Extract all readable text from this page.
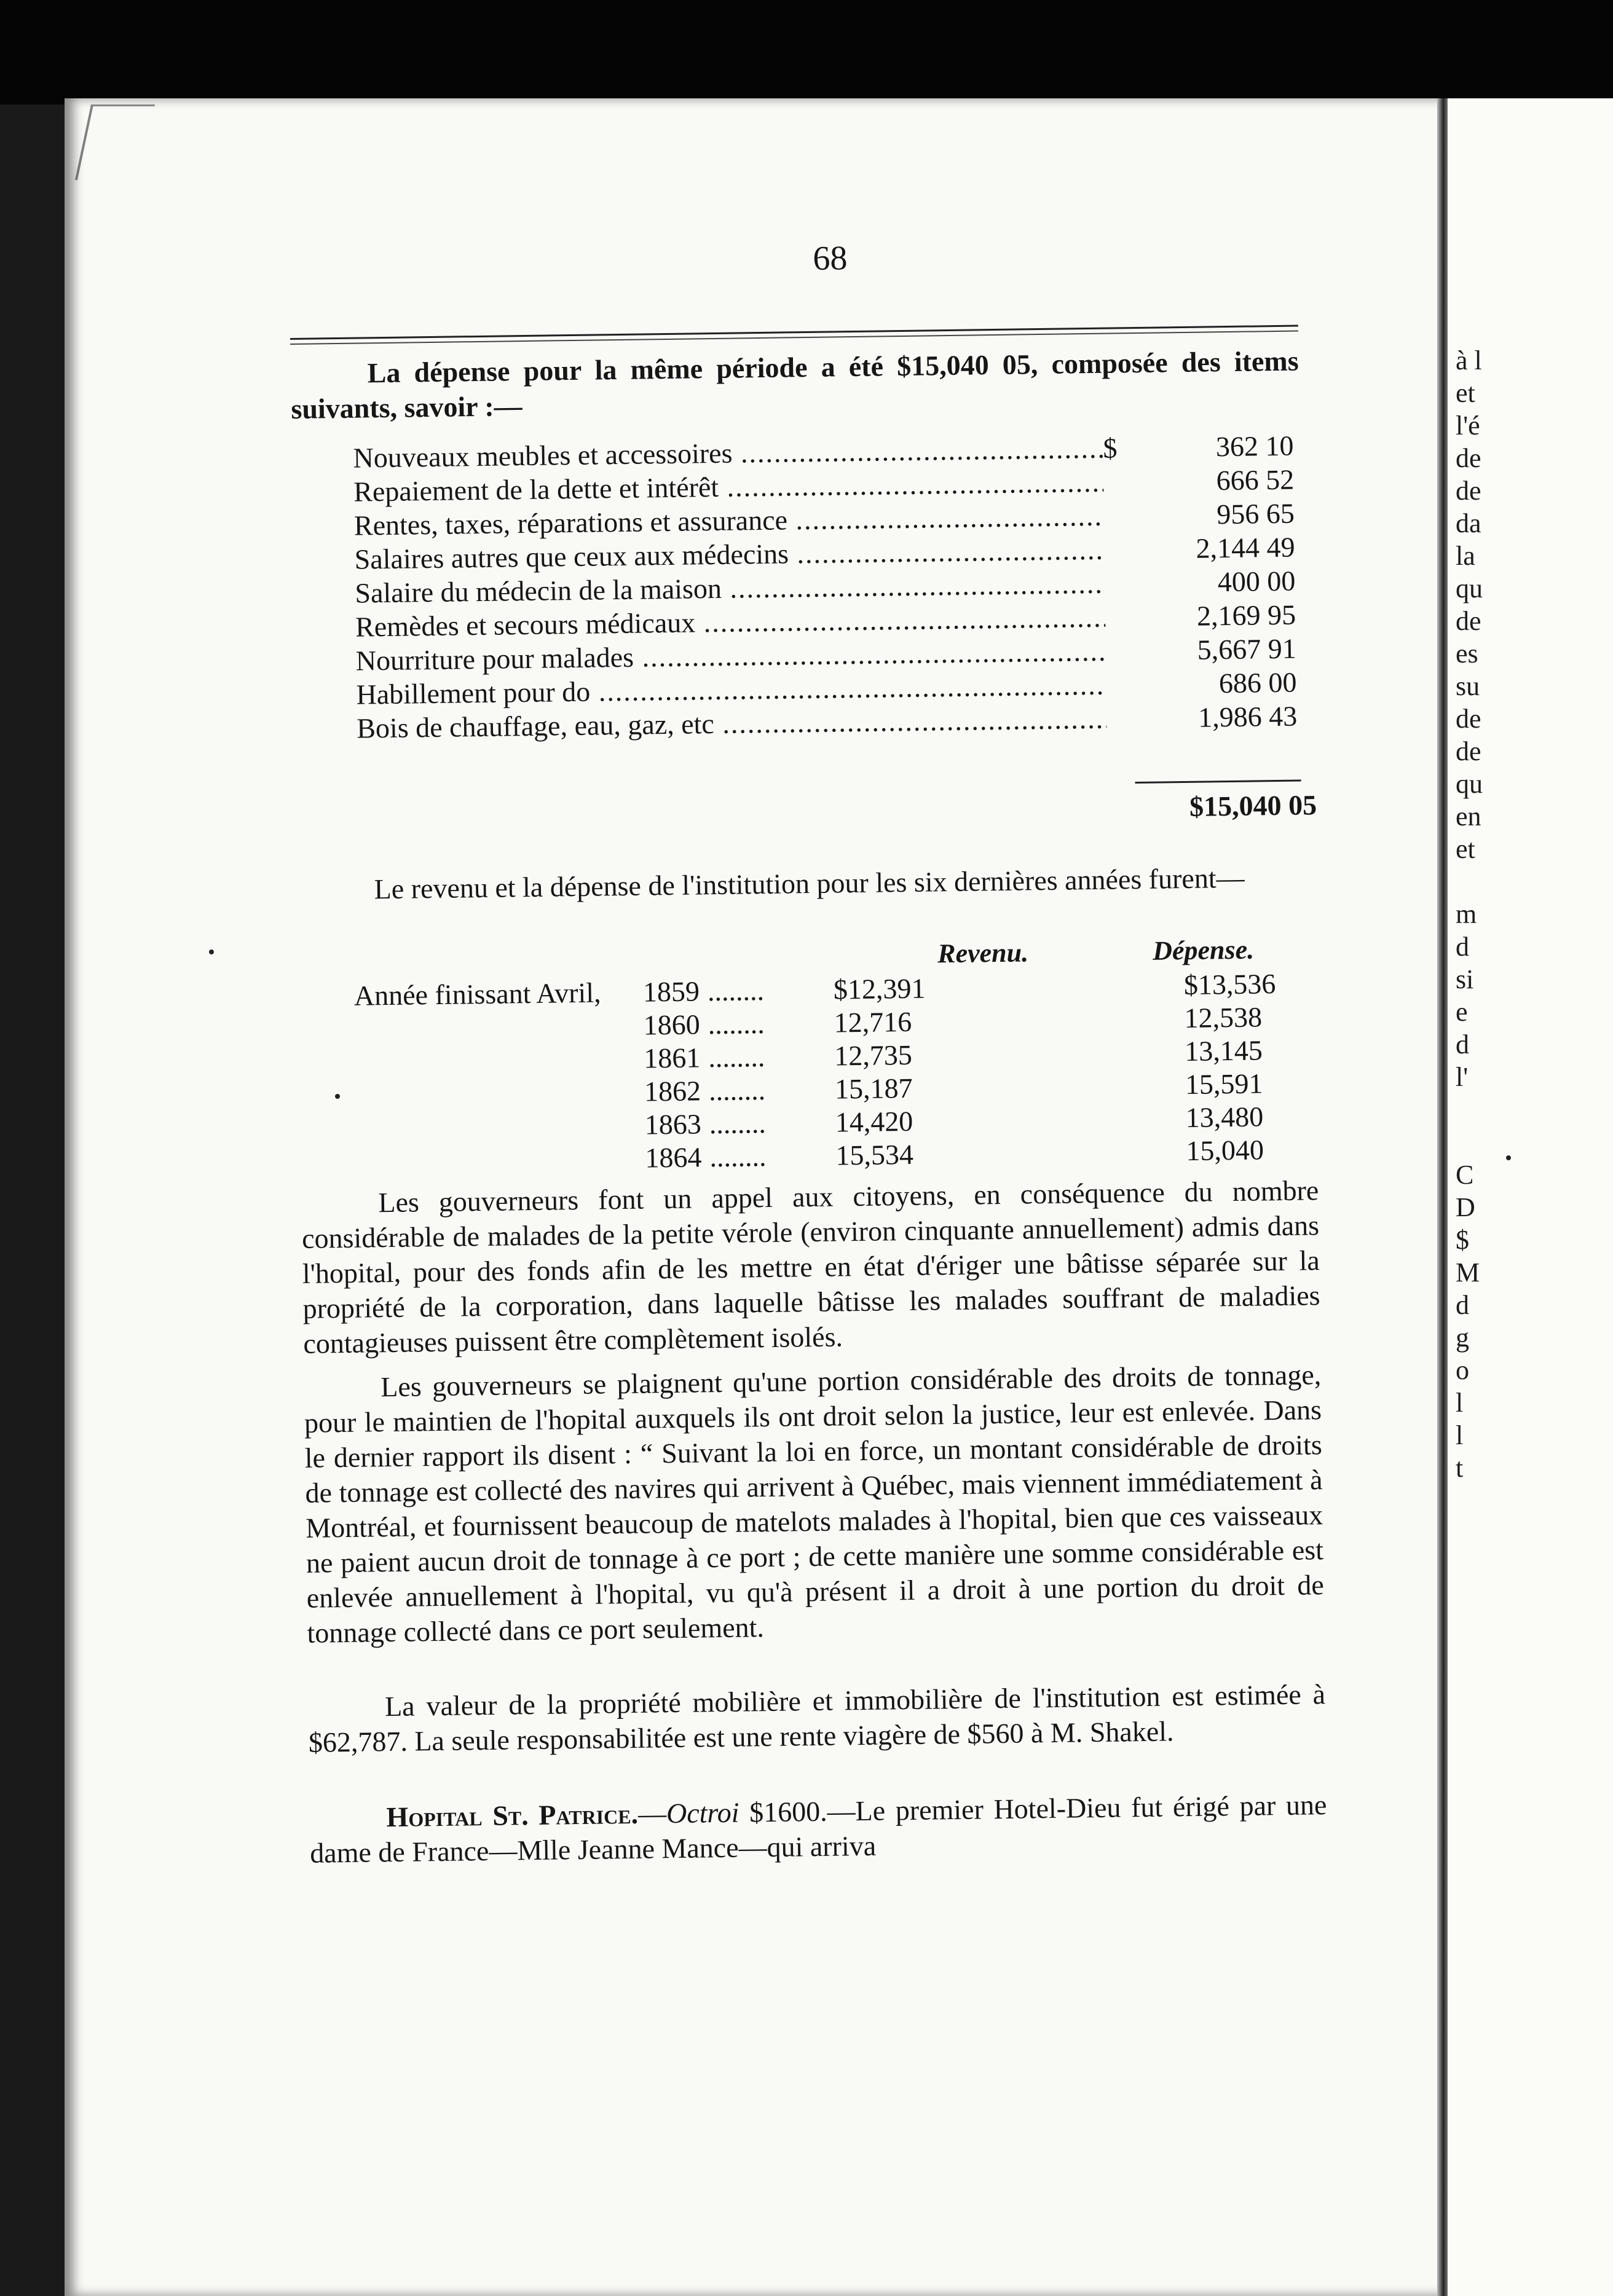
à l
et
l'é
de
de
da
la
qu
de
es
su
de
de
qu
en
et
m
d
si
e
d
l'
C
D
$
M
d
g
o
l
l
t
68

La dépense pour la même période a été $15,040 05, composée des items suivants, savoir :—

Nouveaux meubles et accessoires .....	$	362 10
Repaiement de la dette et intérêt .....	666 52
Rentes, taxes, réparations et assurance .....	956 65
Salaires autres que ceux aux médecins .....	2,144 49
Salaire du médecin de la maison .....	400 00
Remèdes et secours médicaux .....	2,169 95
Nourriture pour malades .....	5,667 91
Habillement pour do .....	686 00
Bois de chauffage, eau, gaz, etc .....	1,986 43
$15,040 05

Le revenu et la dépense de l'institution pour les six dernières années furent—

Revenu.	Dépense.
Année finissant Avril, 1859 ........ $12,391	$13,536
1860 ........ 12,716	12,538
1861 ........ 12,735	13,145
1862 ........ 15,187	15,591
1863 ........ 14,420	13,480
1864 ........ 15,534	15,040

Les gouverneurs font un appel aux citoyens, en conséquence du nombre considérable de malades de la petite vérole (environ cinquante annuellement) admis dans l'hopital, pour des fonds afin de les mettre en état d'ériger une bâtisse séparée sur la propriété de la corporation, dans laquelle bâtisse les malades souffrant de maladies contagieuses puissent être complètement isolés.

Les gouverneurs se plaignent qu'une portion considérable des droits de tonnage, pour le maintien de l'hopital auxquels ils ont droit selon la justice, leur est enlevée. Dans le dernier rapport ils disent : “ Suivant la loi en force, un montant considérable de droits de tonnage est collecté des navires qui arrivent à Québec, mais viennent immédiatement à Montréal, et fournissent beaucoup de matelots malades à l'hopital, bien que ces vaisseaux ne paient aucun droit de tonnage à ce port ; de cette manière une somme considérable est enlevée annuellement à l'hopital, vu qu'à présent il a droit à une portion du droit de tonnage collecté dans ce port seulement.

La valeur de la propriété mobilière et immobilière de l'institution est estimée à $62,787. La seule responsabilitée est une rente viagère de $560 à M. Shakel.

Hopital St. Patrice.—Octroi $1600.—Le premier Hotel-Dieu fut érigé par une dame de France—Mlle Jeanne Mance—qui arriva
